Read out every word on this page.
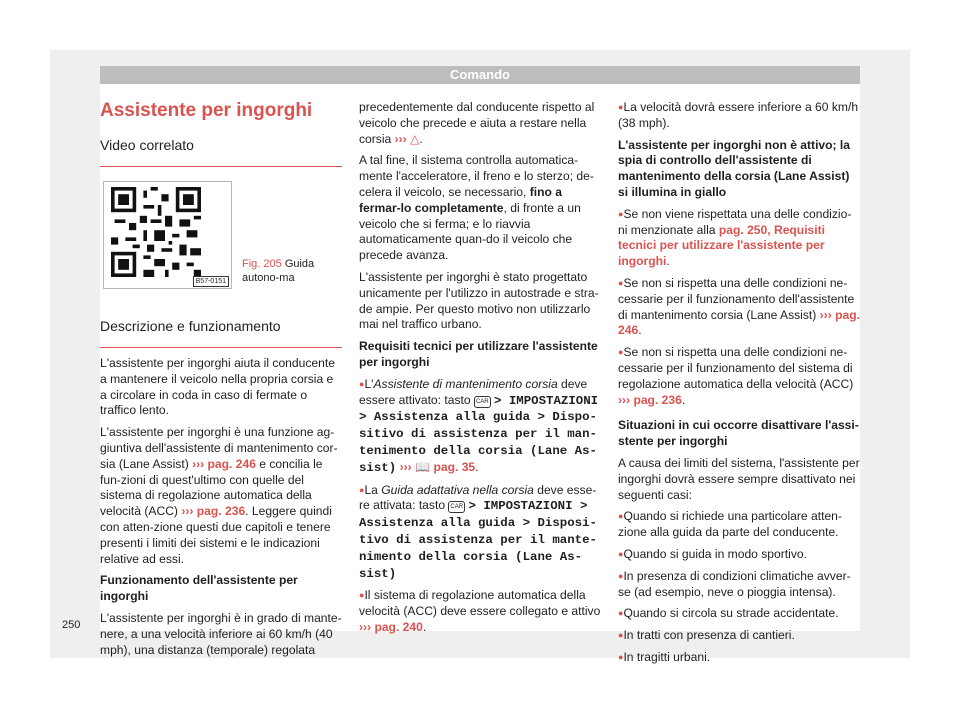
Comando
Assistente per ingorghi
Video correlato
B57-0151
Fig. 205 Guida autono-ma
Descrizione e funzionamento

L'assistente per ingorghi aiuta il conducente a mantenere il veicolo nella propria corsia e a circolare in coda in caso di fermate o traffico lento.

L'assistente per ingorghi è una funzione ag-giuntiva dell'assistente di mantenimento cor-sia (Lane Assist) ››› pag. 246 e concilia le fun-zioni di quest'ultimo con quelle del sistema di regolazione automatica della velocità (ACC) ››› pag. 236. Leggere quindi con atten-zione questi due capitoli e tenere presenti i limiti dei sistemi e le indicazioni relative ad essi.

Funzionamento dell'assistente per ingorghi

L'assistente per ingorghi è in grado di mante-nere, a una velocità inferiore ai 60 km/h (40 mph), una distanza (temporale) regolata

precedentemente dal conducente rispetto al veicolo che precede e aiuta a restare nella corsia ››› △.

A tal fine, il sistema controlla automatica-mente l'acceleratore, il freno e lo sterzo; de-celera il veicolo, se necessario, fino a fermar-lo completamente, di fronte a un veicolo che si ferma; e lo riavvia automaticamente quan-do il veicolo che precede avanza.

L'assistente per ingorghi è stato progettato unicamente per l'utilizzo in autostrade e stra-de ampie. Per questo motivo non utilizzarlo mai nel traffico urbano.

Requisiti tecnici per utilizzare l'assistente per ingorghi

● L'Assistente di mantenimento corsia deve essere attivato: tasto CAR > IMPOSTAZIONI > Assistenza alla guida > Dispo-sitivo di assistenza per il man-tenimento della corsia (Lane As-sist) ››› 📖 pag. 35.

● La Guida adattativa nella corsia deve esse-re attivata: tasto CAR > IMPOSTAZIONI > Assistenza alla guida > Disposi-tivo di assistenza per il mante-nimento della corsia (Lane As-sist)

● Il sistema di regolazione automatica della velocità (ACC) deve essere collegato e attivo ››› pag. 240.

● La velocità dovrà essere inferiore a 60 km/h (38 mph).

L'assistente per ingorghi non è attivo; la spia di controllo dell'assistente di mantenimento della corsia (Lane Assist) si illumina in giallo

● Se non viene rispettata una delle condizio-ni menzionate alla pag. 250, Requisiti tecnici per utilizzare l'assistente per ingorghi.

● Se non si rispetta una delle condizioni ne-cessarie per il funzionamento dell'assistente di mantenimento corsia (Lane Assist) ››› pag. 246.

● Se non si rispetta una delle condizioni ne-cessarie per il funzionamento del sistema di regolazione automatica della velocità (ACC) ››› pag. 236.

Situazioni in cui occorre disattivare l'assi-stente per ingorghi

A causa dei limiti del sistema, l'assistente per ingorghi dovrà essere sempre disattivato nei seguenti casi:

● Quando si richiede una particolare atten-zione alla guida da parte del conducente.

● Quando si guida in modo sportivo.

● In presenza di condizioni climatiche avver-se (ad esempio, neve o pioggia intensa).

● Quando si circola su strade accidentate.

● In tratti con presenza di cantieri.

● In tragitti urbani.

250
